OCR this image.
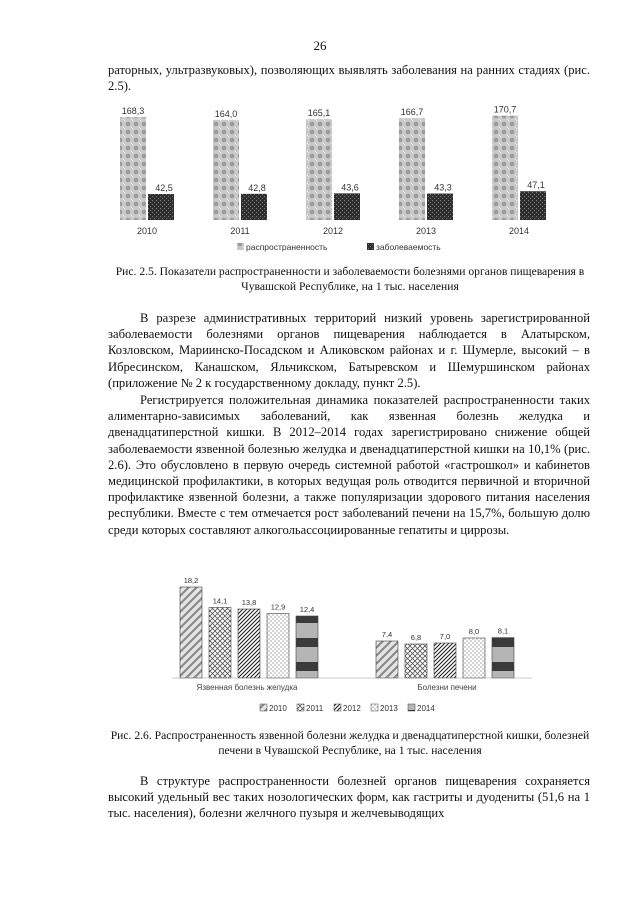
26

раторных, ультразвуковых), позволяющих выявлять заболевания на ранних стадиях (рис. 2.5).

168,3
42,5
164,0
42,8
165,1
43,6
166,7
43,3
170,7
47,1
2010	2011	2012	2013	2014
распространенность	заболеваемость

Рис. 2.5. Показатели распространенности и заболеваемости болезнями органов пищеварения в Чувашской Республике, на 1 тыс. населения

В разрезе административных территорий низкий уровень зарегистрированной заболеваемости болезнями органов пищеварения наблюдается в Алатырском, Козловском, Мариинско-Посадском и Аликовском районах и г. Шумерле, высокий – в Ибресинском, Канашском, Яльчикском, Батыревском и Шемуршинском районах (приложение № 2 к государственному докладу, пункт 2.5).

Регистрируется положительная динамика показателей распространенности таких алиментарно-зависимых заболеваний, как язвенная болезнь желудка и двенадцатиперстной кишки. В 2012–2014 годах зарегистрировано снижение общей заболеваемости язвенной болезнью желудка и двенадцатиперстной кишки на 10,1% (рис. 2.6). Это обусловлено в первую очередь системной работой «гастрошкол» и кабинетов медицинской профилактики, в которых ведущая роль отводится первичной и вторичной профилактике язвенной болезни, а также популяризации здорового питания населения республики. Вместе с тем отмечается рост заболеваний печени на 15,7%, большую долю среди которых составляют алкогольассоциированные гепатиты и циррозы.

18,2
14,1 13,8 12,9 12,4
7,4 6,8 7,0
8,0 8,1
Язвенная болезнь желудка	Болезни печени
2010 2011 2012 2013 2014

Рис. 2.6. Распространенность язвенной болезни желудка и двенадцатиперстной кишки, болезней печени в Чувашской Республике, на 1 тыс. населения

В структуре распространенности болезней органов пищеварения сохраняется высокий удельный вес таких нозологических форм, как гастриты и дуодениты (51,6 на 1 тыс. населения), болезни желчного пузыря и желчевыводящих
